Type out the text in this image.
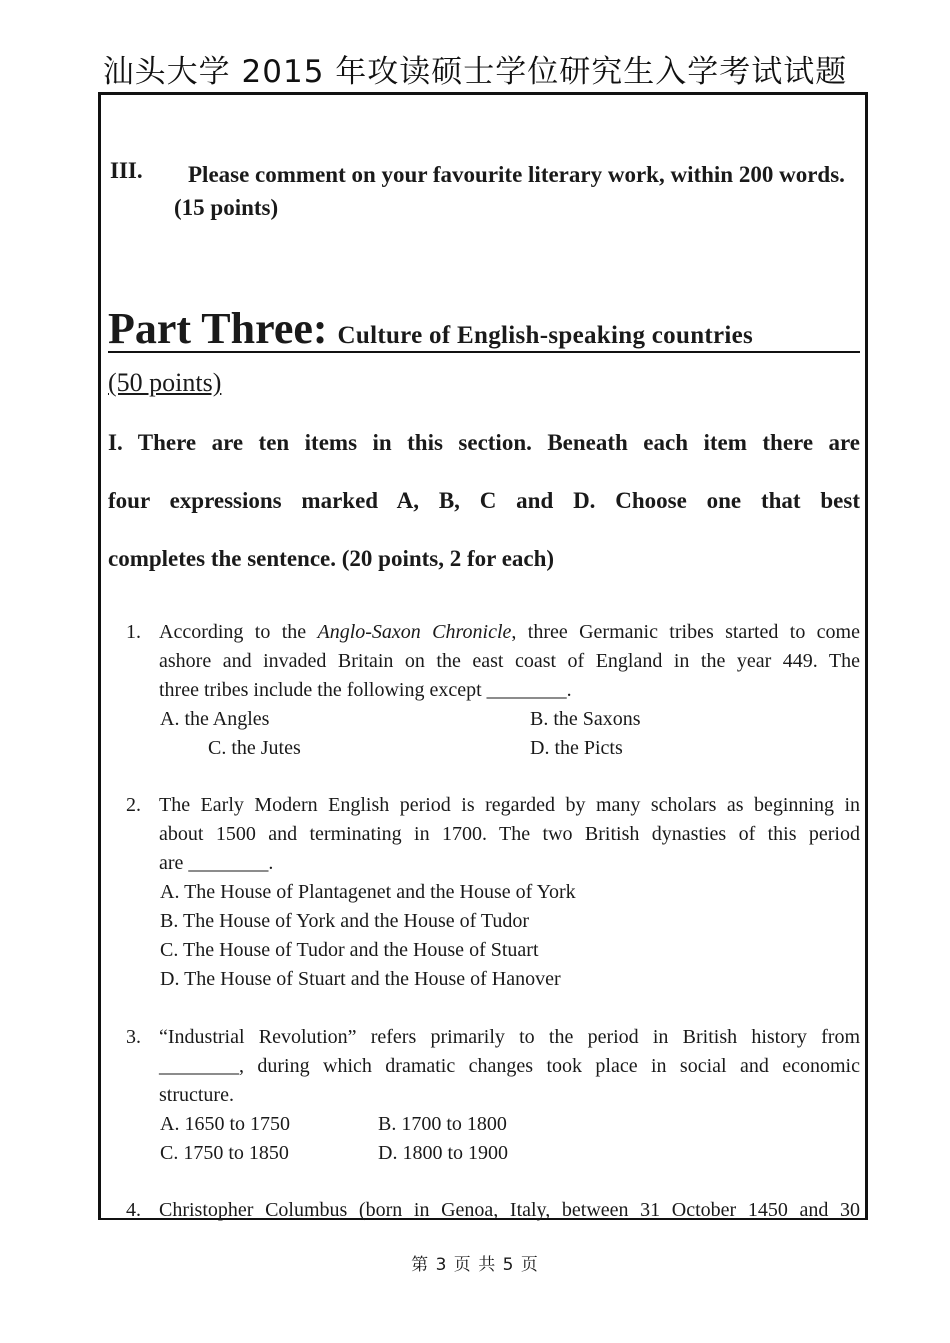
汕头大学 2015 年攻读硕士学位研究生入学考试试题
III.	Please comment on your favourite literary work, within 200 words. (15 points)
Part Three: Culture of English-speaking countries
(50 points)
I. There are ten items in this section. Beneath each item there are
four expressions marked A, B, C and D. Choose one that best
completes the sentence. (20 points, 2 for each)
1. According to the Anglo-Saxon Chronicle, three Germanic tribes started to come
ashore and invaded Britain on the east coast of England in the year 449. The
three tribes include the following except ________.
A. the Angles	B. the Saxons
C. the Jutes	D. the Picts
2. The Early Modern English period is regarded by many scholars as beginning in
about 1500 and terminating in 1700. The two British dynasties of this period
are ________.
A. The House of Plantagenet and the House of York
B. The House of York and the House of Tudor
C. The House of Tudor and the House of Stuart
D. The House of Stuart and the House of Hanover
3. “Industrial Revolution” refers primarily to the period in British history from
________, during which dramatic changes took place in social and economic
structure.
A. 1650 to 1750	B. 1700 to 1800
C. 1750 to 1850	D. 1800 to 1900
4. Christopher Columbus (born in Genoa, Italy, between 31 October 1450 and 30
第 3 页 共 5 页
